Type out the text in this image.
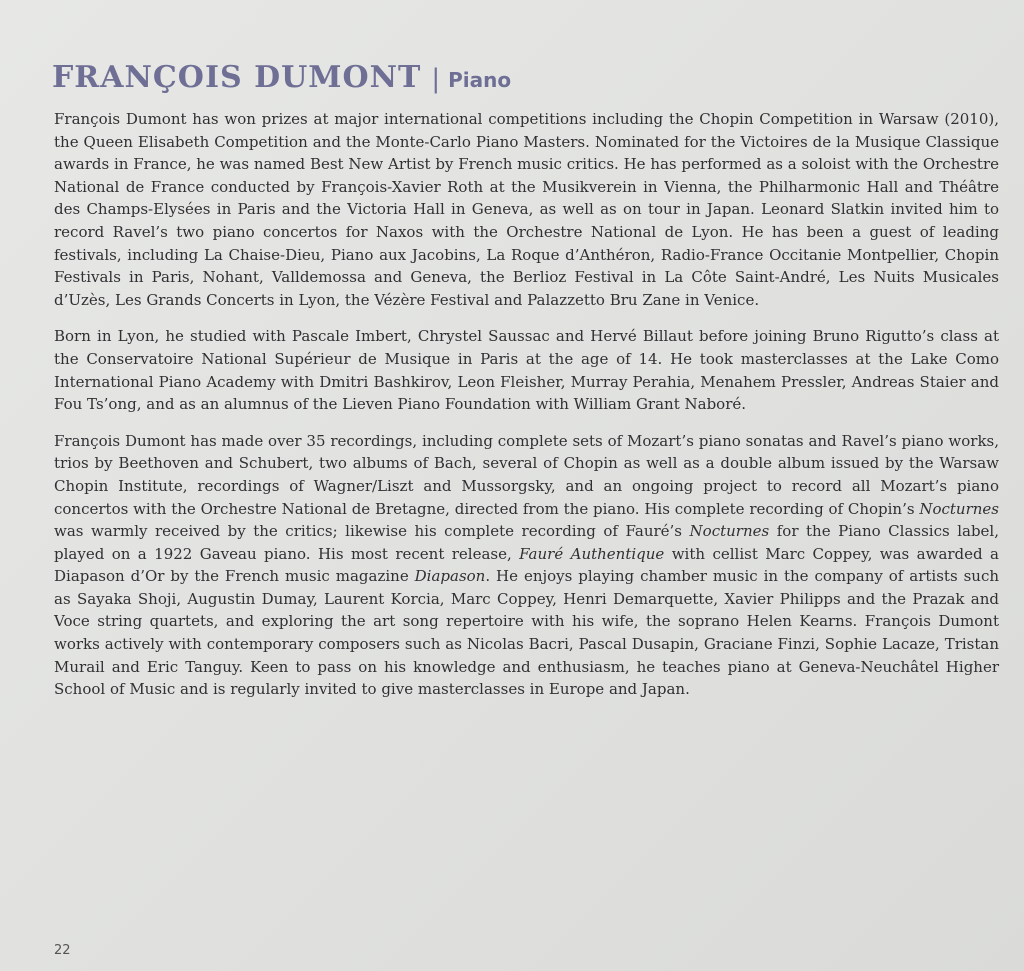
FRANÇOIS DUMONT | Piano

François Dumont has won prizes at major international competitions including the Chopin Competition in Warsaw (2010), the Queen Elisabeth Competition and the Monte-Carlo Piano Masters. Nominated for the Victoires de la Musique Classique awards in France, he was named Best New Artist by French music critics. He has performed as a soloist with the Orchestre National de France conducted by François-Xavier Roth at the Musikverein in Vienna, the Philharmonic Hall and Théâtre des Champs-Elysées in Paris and the Victoria Hall in Geneva, as well as on tour in Japan. Leonard Slatkin invited him to record Ravel’s two piano concertos for Naxos with the Orchestre National de Lyon. He has been a guest of leading festivals, including La Chaise-Dieu, Piano aux Jacobins, La Roque d’Anthéron, Radio-France Occitanie Montpellier, Chopin Festivals in Paris, Nohant, Valldemossa and Geneva, the Berlioz Festival in La Côte Saint-André, Les Nuits Musicales d’Uzès, Les Grands Concerts in Lyon, the Vézère Festival and Palazzetto Bru Zane in Venice.

Born in Lyon, he studied with Pascale Imbert, Chrystel Saussac and Hervé Billaut before joining Bruno Rigutto’s class at the Conservatoire National Supérieur de Musique in Paris at the age of 14. He took masterclasses at the Lake Como International Piano Academy with Dmitri Bashkirov, Leon Fleisher, Murray Perahia, Menahem Pressler, Andreas Staier and Fou Ts’ong, and as an alumnus of the Lieven Piano Foundation with William Grant Naboré.

François Dumont has made over 35 recordings, including complete sets of Mozart’s piano sonatas and Ravel’s piano works, trios by Beethoven and Schubert, two albums of Bach, several of Chopin as well as a double album issued by the Warsaw Chopin Institute, recordings of Wagner/Liszt and Mussorgsky, and an ongoing project to record all Mozart’s piano concertos with the Orchestre National de Bretagne, directed from the piano. His complete recording of Chopin’s Nocturnes was warmly received by the critics; likewise his complete recording of Fauré’s Nocturnes for the Piano Classics label, played on a 1922 Gaveau piano. His most recent release, Fauré Authentique with cellist Marc Coppey, was awarded a Diapason d’Or by the French music magazine Diapason. He enjoys playing chamber music in the company of artists such as Sayaka Shoji, Augustin Dumay, Laurent Korcia, Marc Coppey, Henri Demarquette, Xavier Philipps and the Prazak and Voce string quartets, and exploring the art song repertoire with his wife, the soprano Helen Kearns. François Dumont works actively with contemporary composers such as Nicolas Bacri, Pascal Dusapin, Graciane Finzi, Sophie Lacaze, Tristan Murail and Eric Tanguy. Keen to pass on his knowledge and enthusiasm, he teaches piano at Geneva-Neuchâtel Higher School of Music and is regularly invited to give masterclasses in Europe and Japan.

22
